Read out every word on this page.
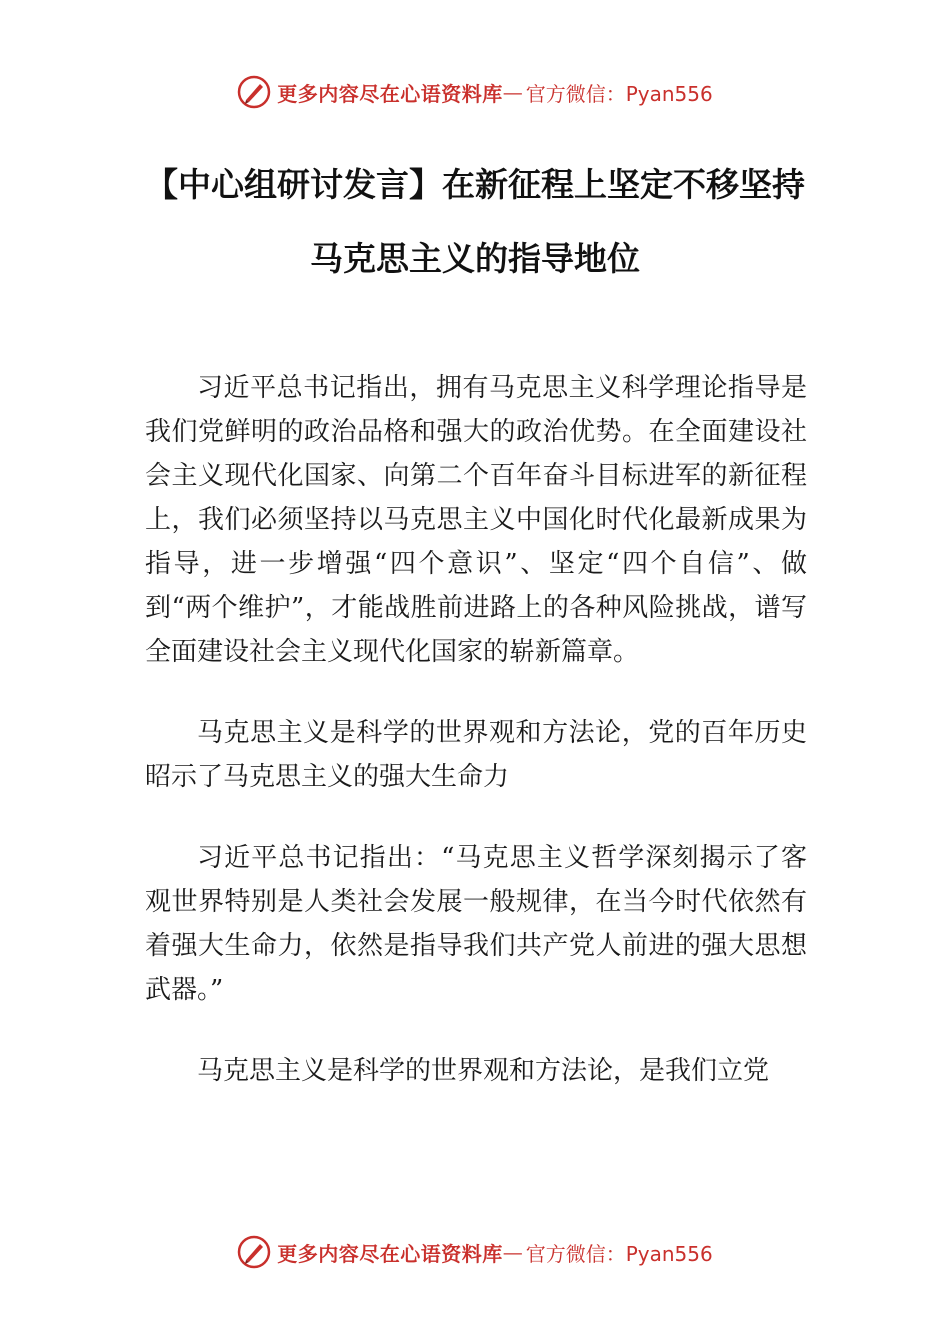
更多内容尽在心语资料库 — 官方微信：Pyan556
【中心组研讨发言】在新征程上坚定不移坚持马克思主义的指导地位

习近平总书记指出，拥有马克思主义科学理论指导是我们党鲜明的政治品格和强大的政治优势。在全面建设社会主义现代化国家、向第二个百年奋斗目标进军的新征程上，我们必须坚持以马克思主义中国化时代化最新成果为指导，进一步增强“四个意识”、坚定“四个自信”、做到“两个维护”，才能战胜前进路上的各种风险挑战，谱写全面建设社会主义现代化国家的崭新篇章。

马克思主义是科学的世界观和方法论，党的百年历史昭示了马克思主义的强大生命力

习近平总书记指出：“马克思主义哲学深刻揭示了客观世界特别是人类社会发展一般规律，在当今时代依然有着强大生命力，依然是指导我们共产党人前进的强大思想武器。”

马克思主义是科学的世界观和方法论，是我们立党

更多内容尽在心语资料库 — 官方微信：Pyan556
